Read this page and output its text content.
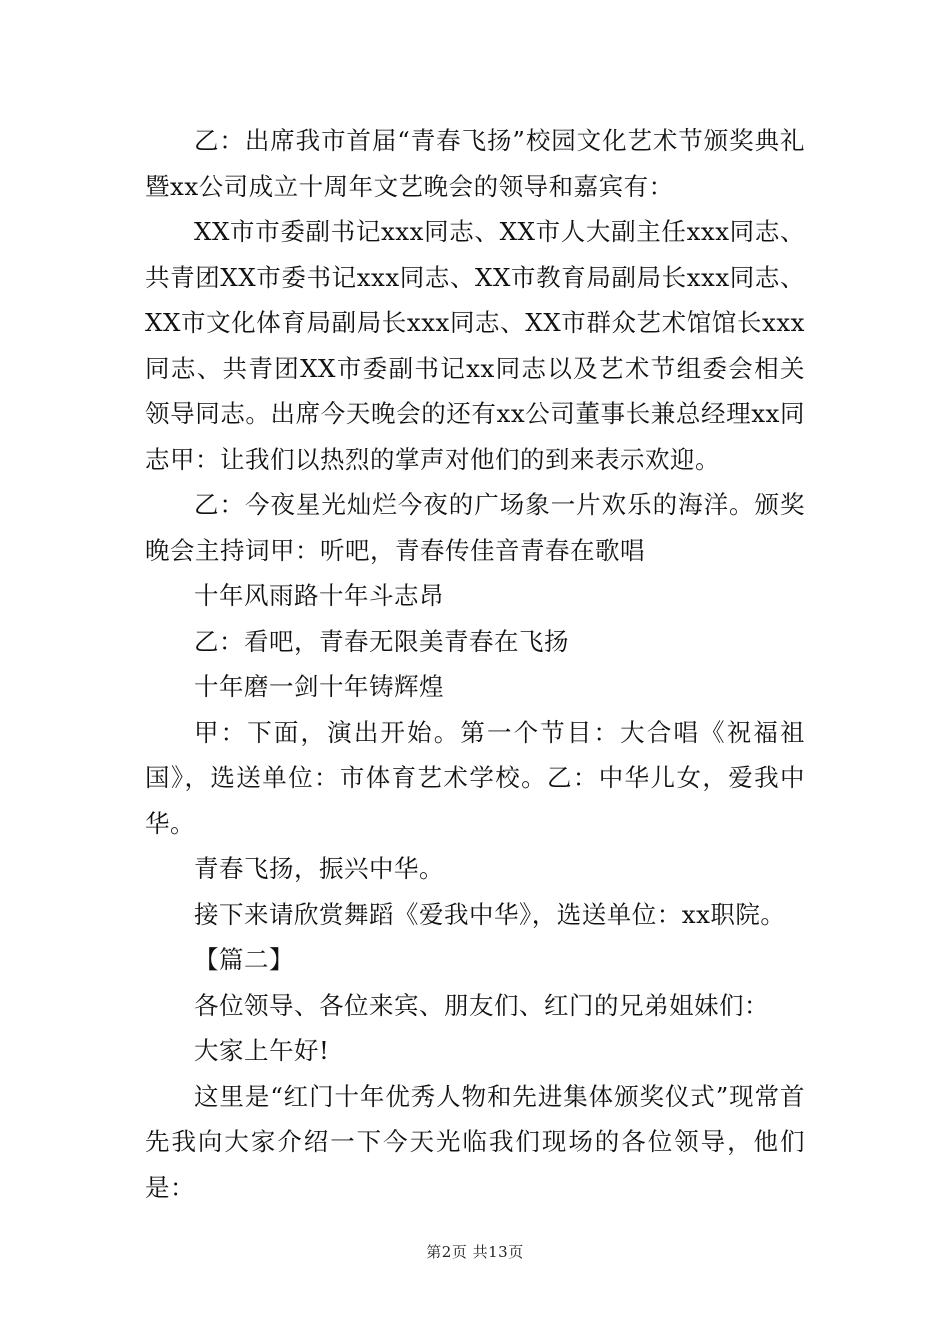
乙：出席我市首届“青春飞扬”校园文化艺术节颁奖典礼暨xx公司成立十周年文艺晚会的领导和嘉宾有：

XX市市委副书记xxx同志、XX市人大副主任xxx同志、共青团XX市委书记xxx同志、XX市教育局副局长xxx同志、XX市文化体育局副局长xxx同志、XX市群众艺术馆馆长xxx同志、共青团XX市委副书记xx同志以及艺术节组委会相关领导同志。出席今天晚会的还有xx公司董事长兼总经理xx同志甲：让我们以热烈的掌声对他们的到来表示欢迎。

乙：今夜星光灿烂今夜的广场象一片欢乐的海洋。颁奖晚会主持词甲：听吧，青春传佳音青春在歌唱

十年风雨路十年斗志昂

乙：看吧，青春无限美青春在飞扬

十年磨一剑十年铸辉煌

甲：下面，演出开始。第一个节目：大合唱《祝福祖国》，选送单位：市体育艺术学校。乙：中华儿女，爱我中华。

青春飞扬，振兴中华。

接下来请欣赏舞蹈《爱我中华》，选送单位：xx职院。

【篇二】

各位领导、各位来宾、朋友们、红门的兄弟姐妹们：

大家上午好!

这里是“红门十年优秀人物和先进集体颁奖仪式”现常首先我向大家介绍一下今天光临我们现场的各位领导，他们是：

第2页 共13页
